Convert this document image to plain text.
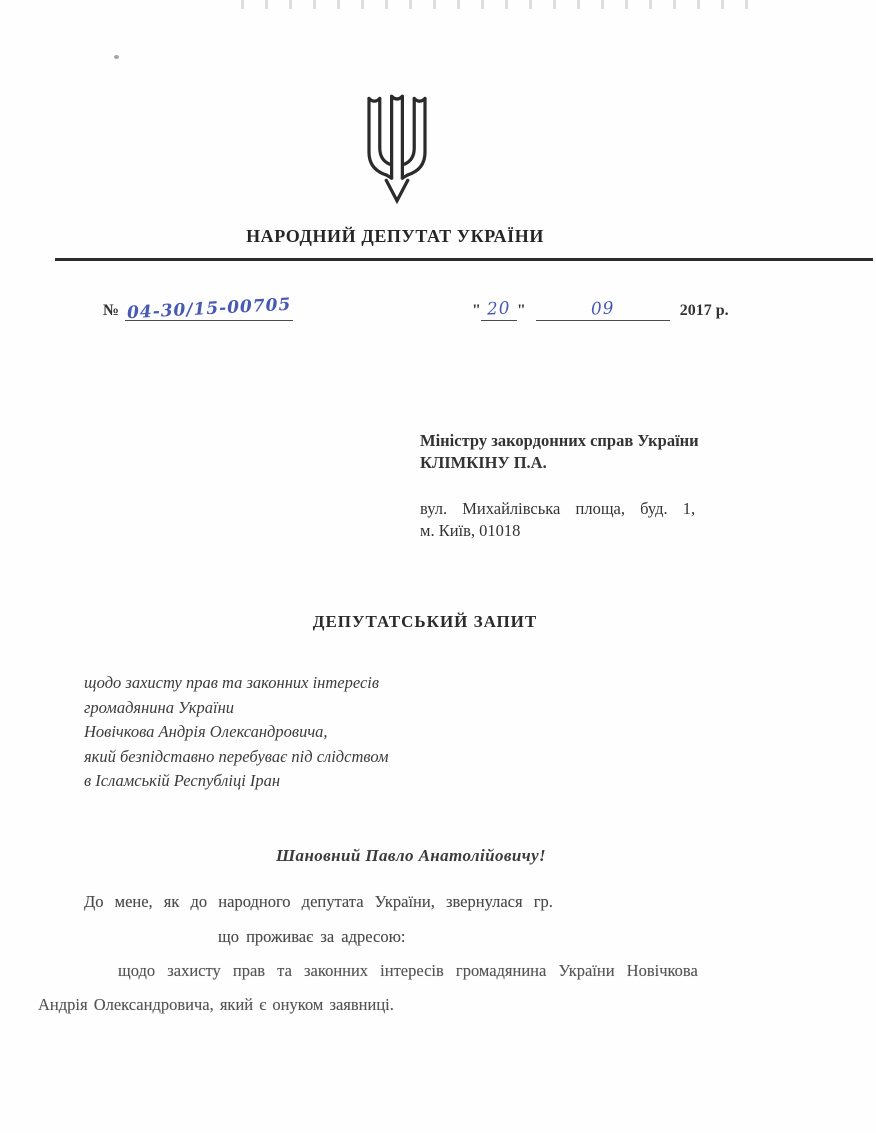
НАРОДНИЙ ДЕПУТАТ УКРАЇНИ
№ 04-30/15-00705	" 20 "	09	2017 р.
Міністру закордонних справ України
КЛІМКІНУ П.А.
вул. Михайлівська площа, буд. 1,
м. Київ, 01018
ДЕПУТАТСЬКИЙ ЗАПИТ
щодо захисту прав та законних інтересів
громадянина України
Новічкова Андрія Олександровича,
який безпідставно перебуває під слідством
в Ісламській Республіці Іран
Шановний Павло Анатолійовичу!
До мене, як до народного депутата України, звернулася гр.
що проживає за адресою:
щодо захисту прав та законних інтересів громадянина України Новічкова
Андрія Олександровича, який є онуком заявниці.
